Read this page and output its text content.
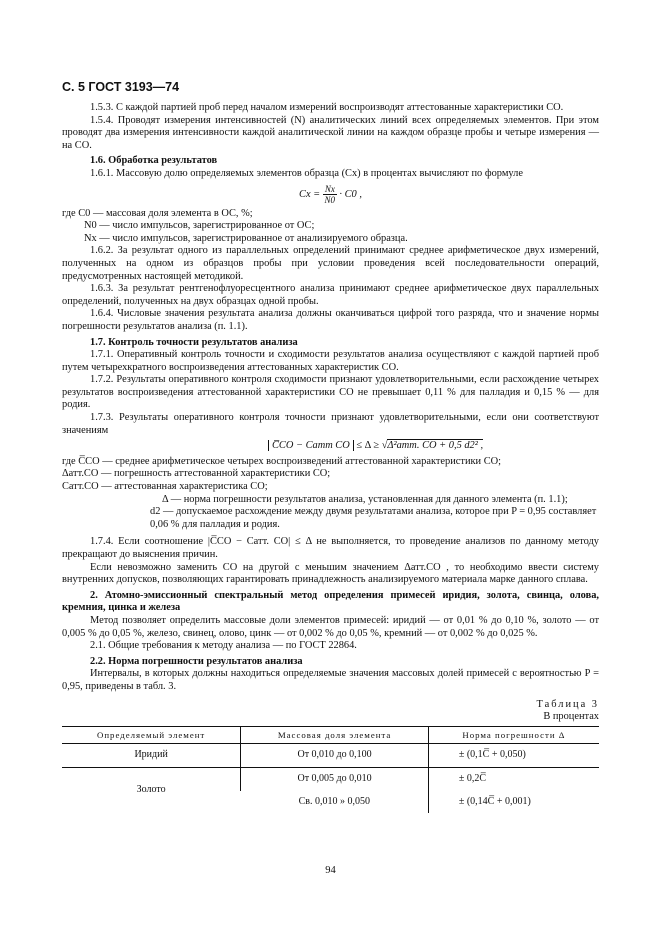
С. 5 ГОСТ 3193—74

1.5.3. С каждой партией проб перед началом измерений воспроизводят аттестованные характеристики СО.

1.5.4. Проводят измерения интенсивностей (N) аналитических линий всех определяемых элементов. При этом проводят два измерения интенсивности каждой аналитической линии на каждом образце пробы и четыре измерения — на СО.

1.6. Обработка результатов

1.6.1. Массовую долю определяемых элементов образца (Cx) в процентах вычисляют по формуле

$Cx = \frac{Nx}{N0} \cdot C0$ ,

где C0 — массовая доля элемента в ОС, %;

N0 — число импульсов, зарегистрированное от ОС;

Nx — число импульсов, зарегистрированное от анализируемого образца.

1.6.2. За результат одного из параллельных определений принимают среднее арифметическое двух измерений, полученных на одном из образцов пробы при условии проведения всей последовательности операций, предусмотренных настоящей методикой.

1.6.3. За результат рентгенофлуоресцентного анализа принимают среднее арифметическое двух параллельных определений, полученных на двух образцах одной пробы.

1.6.4. Числовые значения результата анализа должны оканчиваться цифрой того разряда, что и значение нормы погрешности результатов анализа (п. 1.1).

1.7. Контроль точности результатов анализа

1.7.1. Оперативный контроль точности и сходимости результатов анализа осуществляют с каждой партией проб путем четырехкратного воспроизведения аттестованных характеристик СО.

1.7.2. Результаты оперативного контроля сходимости признают удовлетворительными, если расхождение четырех результатов воспроизведения аттестованной характеристики СО не превышает 0,11 % для палладия и 0,15 % — для родия.

1.7.3. Результаты оперативного контроля точности признают удовлетворительными, если они соответствуют значениям

C̅CO − Cатт CO ≤ Δ ≥ √Δ²атт. CO + 0,5 d2² ,

где C̅CO — среднее арифметическое четырех воспроизведений аттестованной характеристики СО;

Δатт.CO — погрешность аттестованной характеристики СО;

Cатт.CO — аттестованная характеристика СО;

Δ — норма погрешности результатов анализа, установленная для данного элемента (п. 1.1);

d2 — допускаемое расхождение между двумя результатами анализа, которое при P = 0,95 составляет 0,06 % для палладия и родия.

1.7.4. Если соотношение |C̅CO − Cатт. CO| ≤ Δ не выполняется, то проведение анализов по данному методу прекращают до выяснения причин.

Если невозможно заменить СО на другой с меньшим значением Δатт.CO , то необходимо ввести систему внутренних допусков, позволяющих гарантировать принадлежность анализируемого материала марке данного сплава.

2. Атомно-эмиссионный спектральный метод определения примесей иридия, золота, свинца, олова, кремния, цинка и железа

Метод позволяет определить массовые доли элементов примесей: иридий — от 0,01 % до 0,10 %, золото — от 0,005 % до 0,05 %, железо, свинец, олово, цинк — от 0,002 % до 0,05 %, кремний — от 0,002 % до 0,025 %.

2.1. Общие требования к методу анализа — по ГОСТ 22864.

2.2. Норма погрешности результатов анализа

Интервалы, в которых должны находиться определяемые значения массовых долей примесей с вероятностью P = 0,95, приведены в табл. 3.

Таблица 3
В процентах
Определяемый элемент	Массовая доля элемента	Норма погрешности Δ
Иридий	От 0,010 до 0,100	± (0,1C̅ + 0,050)
Золото	От 0,005 до 0,010	± 0,2C̅
	Св. 0,010 » 0,050	± (0,14C̅ + 0,001)
94
